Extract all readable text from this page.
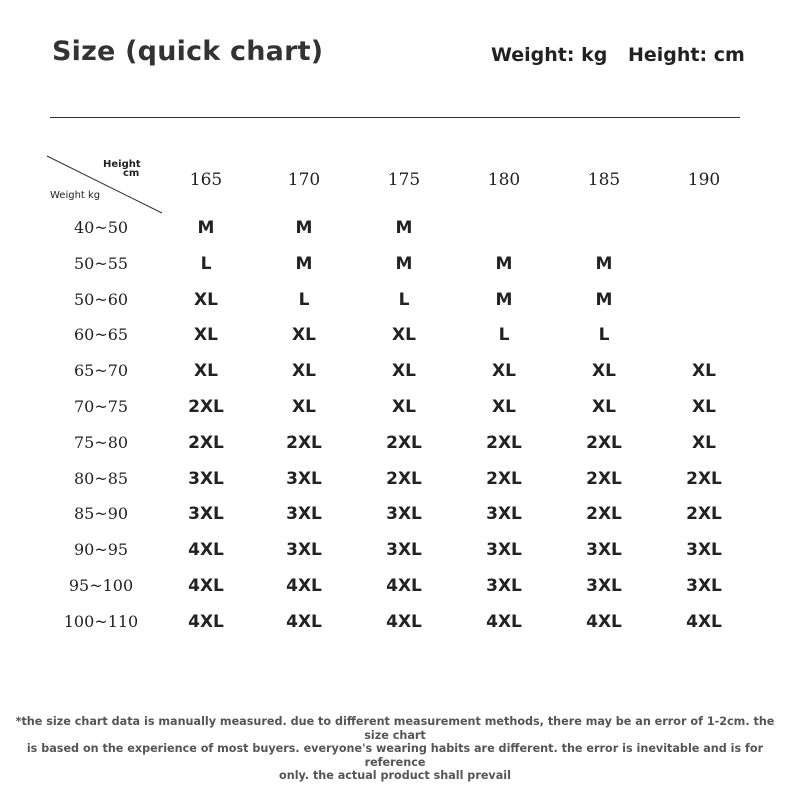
Size (quick chart)	Weight: kg Height: cm
Height
cm
Weight kg
165	170	175	180	185	190
40~50	M	M	M
50~55	L	M	M	M	M
50~60	XL	L	L	M	M
60~65	XL	XL	XL	L	L
65~70	XL	XL	XL	XL	XL	XL
70~75	2XL	XL	XL	XL	XL	XL
75~80	2XL	2XL	2XL	2XL	2XL	XL
80~85	3XL	3XL	2XL	2XL	2XL	2XL
85~90	3XL	3XL	3XL	3XL	2XL	2XL
90~95	4XL	3XL	3XL	3XL	3XL	3XL
95~100	4XL	4XL	4XL	3XL	3XL	3XL
100~110	4XL	4XL	4XL	4XL	4XL	4XL
*the size chart data is manually measured. due to different measurement methods, there may be an error of 1-2cm. the size chart
is based on the experience of most buyers. everyone's wearing habits are different. the error is inevitable and is for reference
only. the actual product shall prevail
